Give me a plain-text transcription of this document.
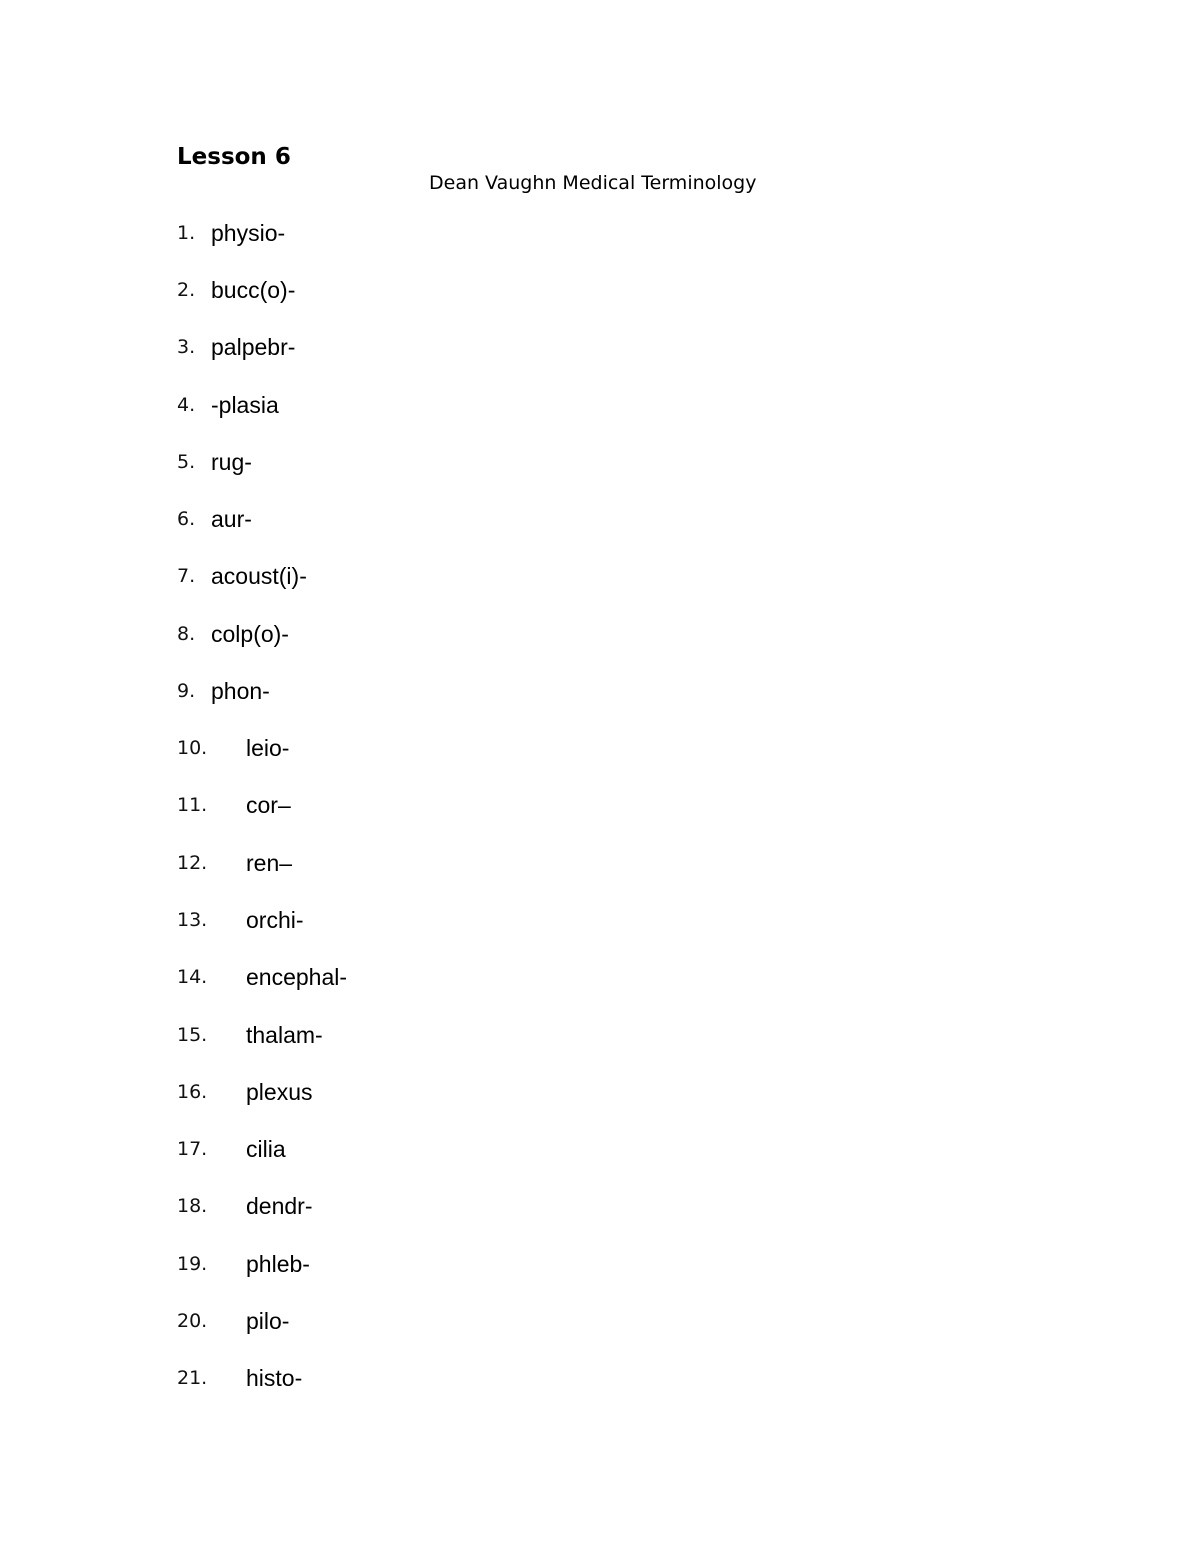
Lesson 6
Dean Vaughn Medical Terminology
1. physio-
2. bucc(o)-
3. palpebr-
4. -plasia
5. rug-
6. aur-
7. acoust(i)-
8. colp(o)-
9. phon-
10. leio-
11. cor–
12. ren–
13. orchi-
14. encephal-
15. thalam-
16. plexus
17. cilia
18. dendr-
19. phleb-
20. pilo-
21. histo-
